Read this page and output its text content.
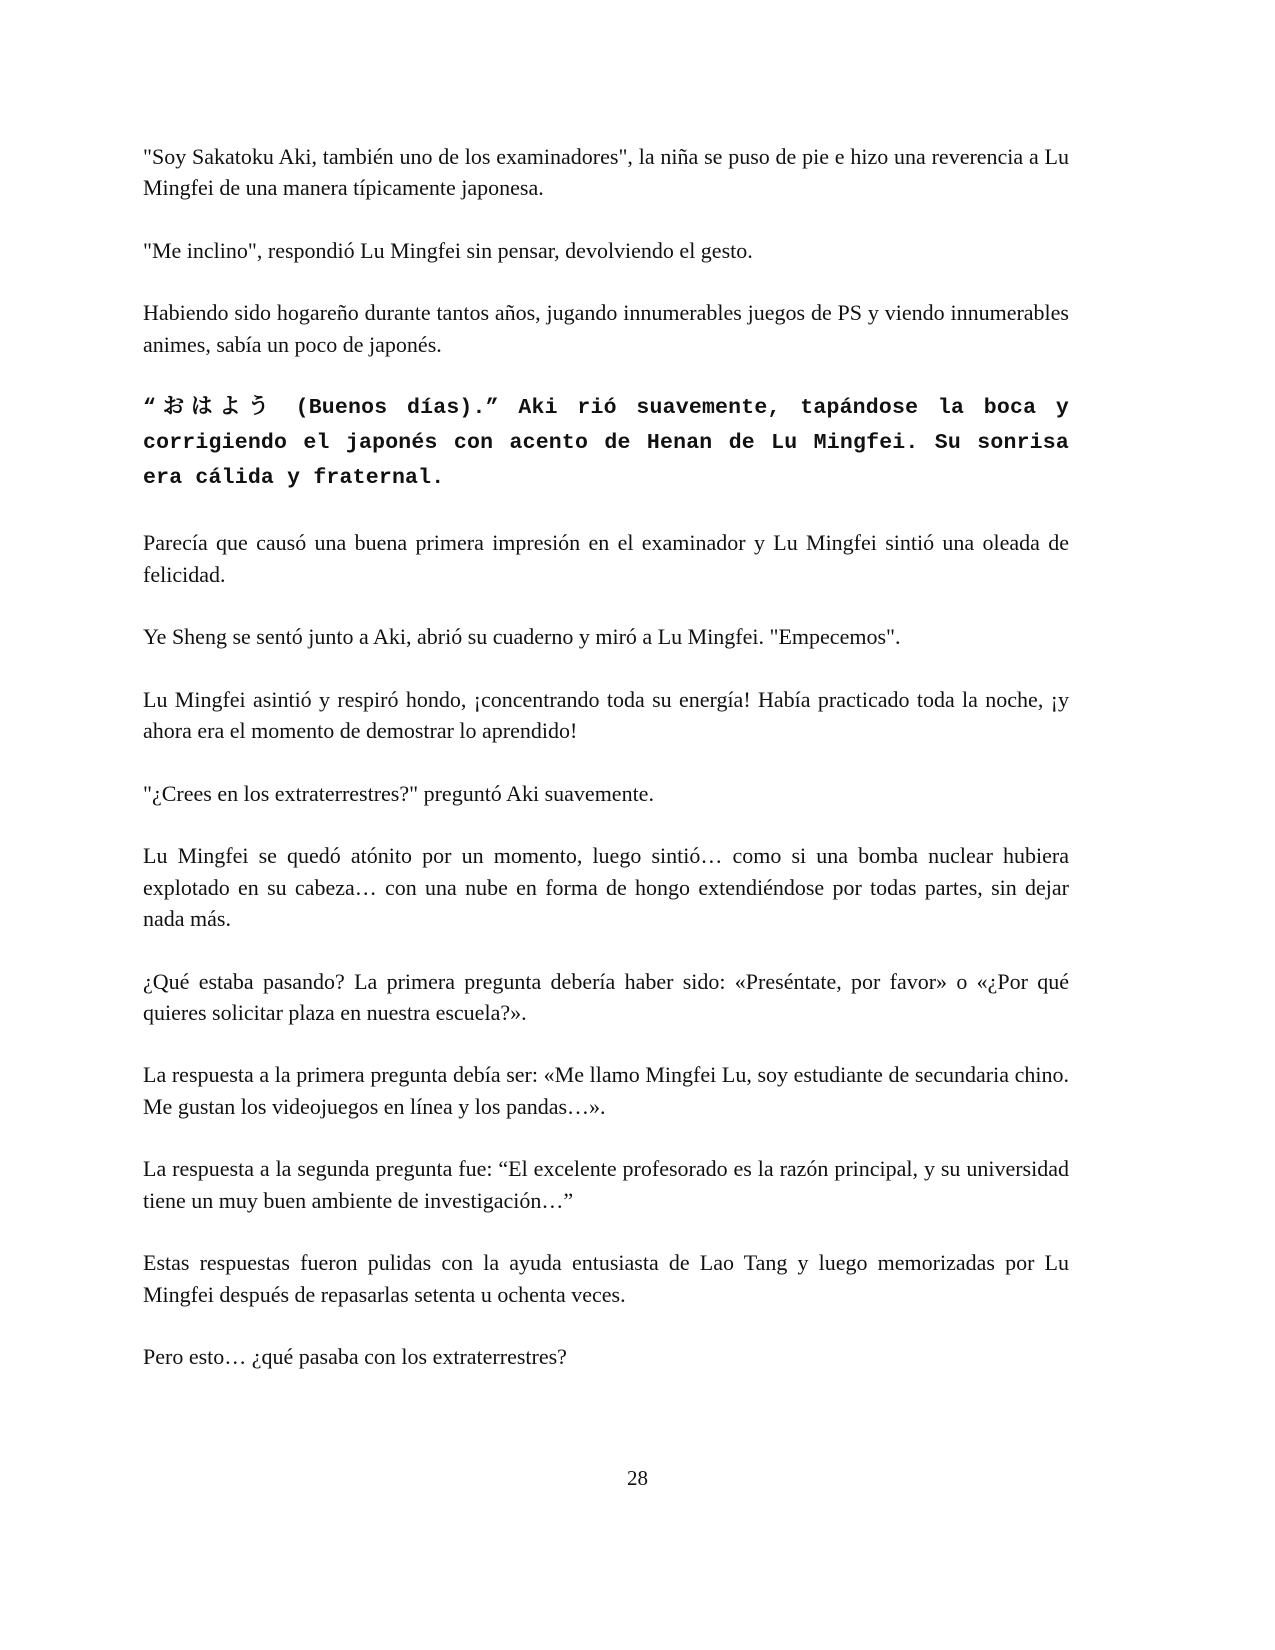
"Soy Sakatoku Aki, también uno de los examinadores", la niña se puso de pie e hizo una reverencia a Lu Mingfei de una manera típicamente japonesa.

"Me inclino", respondió Lu Mingfei sin pensar, devolviendo el gesto.

Habiendo sido hogareño durante tantos años, jugando innumerables juegos de PS y viendo innumerables animes, sabía un poco de japonés.

“おはよう (Buenos días).” Aki rió suavemente, tapándose la boca y corrigiendo el japonés con acento de Henan de Lu Mingfei. Su sonrisa era cálida y fraternal.

Parecía que causó una buena primera impresión en el examinador y Lu Mingfei sintió una oleada de felicidad.

Ye Sheng se sentó junto a Aki, abrió su cuaderno y miró a Lu Mingfei. "Empecemos".

Lu Mingfei asintió y respiró hondo, ¡concentrando toda su energía! Había practicado toda la noche, ¡y ahora era el momento de demostrar lo aprendido!

"¿Crees en los extraterrestres?" preguntó Aki suavemente.

Lu Mingfei se quedó atónito por un momento, luego sintió… como si una bomba nuclear hubiera explotado en su cabeza… con una nube en forma de hongo extendiéndose por todas partes, sin dejar nada más.

¿Qué estaba pasando? La primera pregunta debería haber sido: «Preséntate, por favor» o «¿Por qué quieres solicitar plaza en nuestra escuela?».

La respuesta a la primera pregunta debía ser: «Me llamo Mingfei Lu, soy estudiante de secundaria chino. Me gustan los videojuegos en línea y los pandas…».

La respuesta a la segunda pregunta fue: “El excelente profesorado es la razón principal, y su universidad tiene un muy buen ambiente de investigación…”

Estas respuestas fueron pulidas con la ayuda entusiasta de Lao Tang y luego memorizadas por Lu Mingfei después de repasarlas setenta u ochenta veces.

Pero esto… ¿qué pasaba con los extraterrestres?

28
